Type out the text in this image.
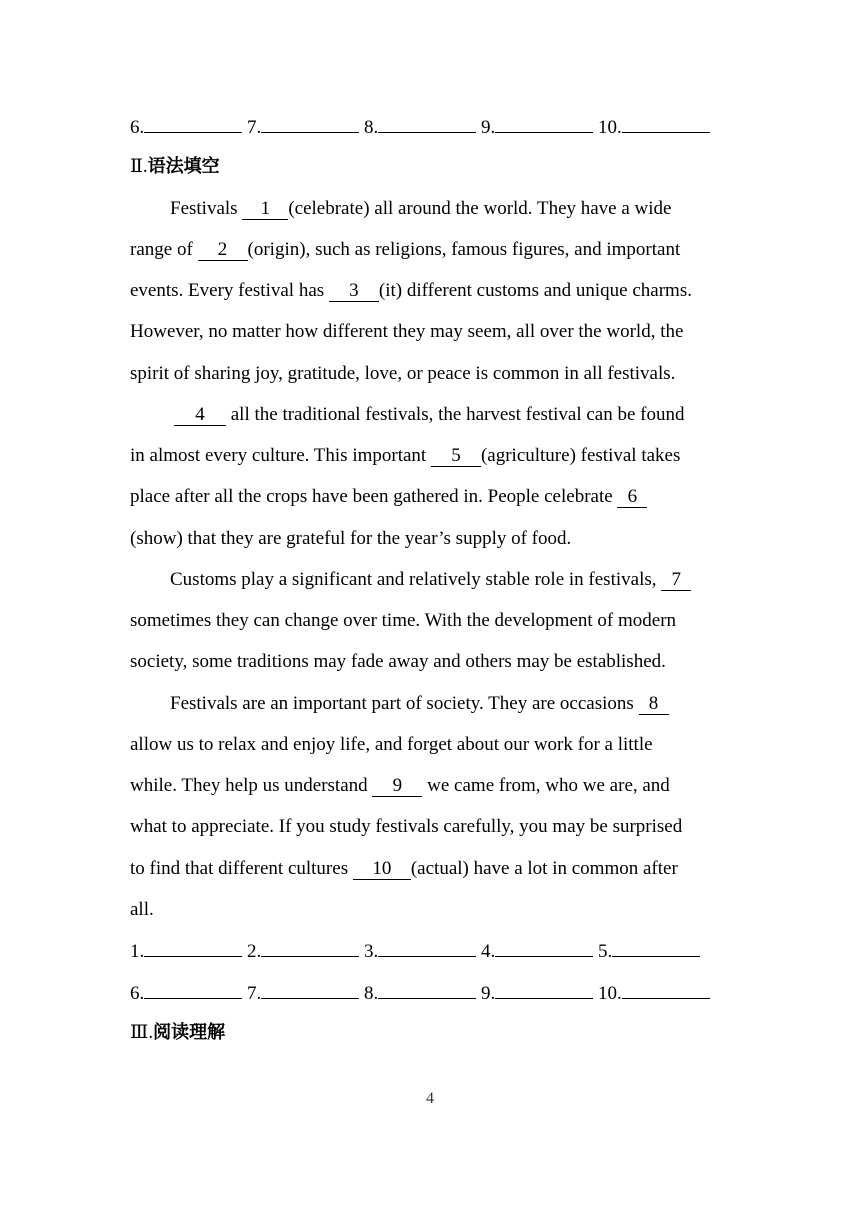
6.	7.	8.	9.	10.
Ⅱ.语法填空
Festivals 1 (celebrate) all around the world. They have a wide
range of 2 (origin), such as religions, famous figures, and important
events. Every festival has 3 (it) different customs and unique charms.
However, no matter how different they may seem, all over the world, the
spirit of sharing joy, gratitude, love, or peace is common in all festivals.
4 all the traditional festivals, the harvest festival can be found
in almost every culture. This important 5 (agriculture) festival takes
place after all the crops have been gathered in. People celebrate 6
(show) that they are grateful for the year’s supply of food.
Customs play a significant and relatively stable role in festivals, 7
sometimes they can change over time. With the development of modern
society, some traditions may fade away and others may be established.
Festivals are an important part of society. They are occasions 8
allow us to relax and enjoy life, and forget about our work for a little
while. They help us understand 9 we came from, who we are, and
what to appreciate. If you study festivals carefully, you may be surprised
to find that different cultures 10 (actual) have a lot in common after
all.
1.	2.	3.	4.	5.
6.	7.	8.	9.	10.
Ⅲ.阅读理解
4
